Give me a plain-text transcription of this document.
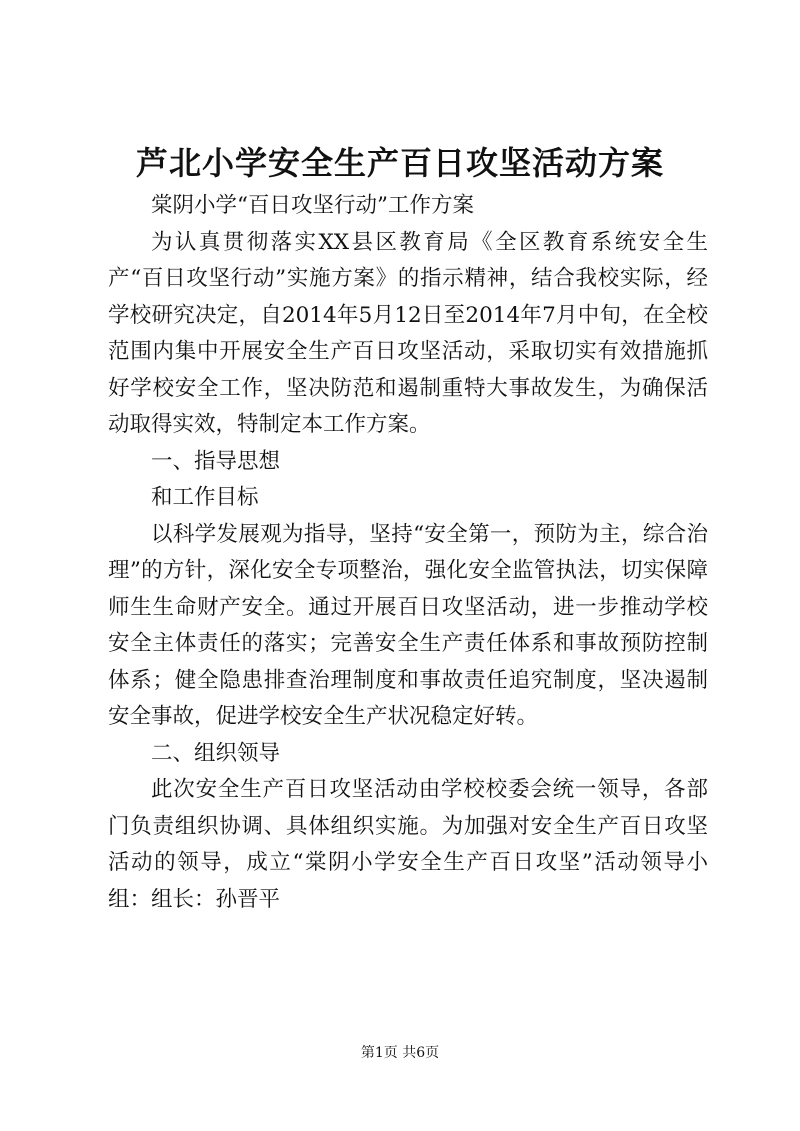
芦北小学安全生产百日攻坚活动方案

棠阴小学“百日攻坚行动”工作方案

为认真贯彻落实XX县区教育局《全区教育系统安全生产“百日攻坚行动”实施方案》的指示精神，结合我校实际，经学校研究决定，自2014年5月12日至2014年7月中旬，在全校范围内集中开展安全生产百日攻坚活动，采取切实有效措施抓好学校安全工作，坚决防范和遏制重特大事故发生，为确保活动取得实效，特制定本工作方案。

一、指导思想

和工作目标

以科学发展观为指导，坚持“安全第一，预防为主，综合治理”的方针，深化安全专项整治，强化安全监管执法，切实保障师生生命财产安全。通过开展百日攻坚活动，进一步推动学校安全主体责任的落实；完善安全生产责任体系和事故预防控制体系；健全隐患排查治理制度和事故责任追究制度，坚决遏制安全事故，促进学校安全生产状况稳定好转。

二、组织领导

此次安全生产百日攻坚活动由学校校委会统一领导，各部门负责组织协调、具体组织实施。为加强对安全生产百日攻坚活动的领导，成立“棠阴小学安全生产百日攻坚”活动领导小组：组长：孙晋平

第1页 共6页
